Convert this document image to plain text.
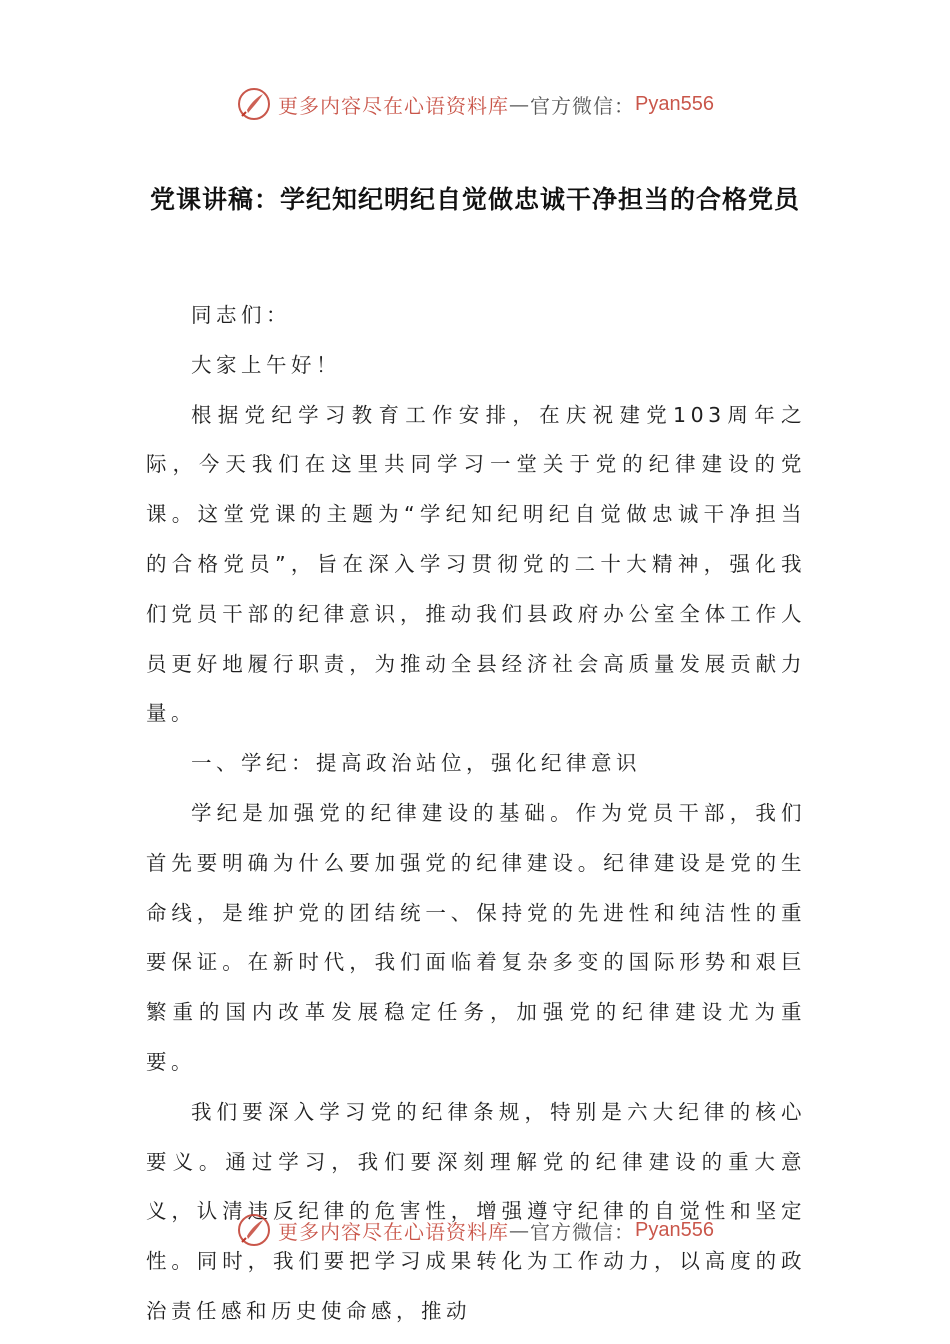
更多内容尽在心语资料库 — 官方微信： Pyan556
党课讲稿：学纪知纪明纪自觉做忠诚干净担当的合格党员

同志们：

大家上午好！

根据党纪学习教育工作安排，在庆祝建党103周年之际，今天我们在这里共同学习一堂关于党的纪律建设的党课。这堂党课的主题为“学纪知纪明纪自觉做忠诚干净担当的合格党员”，旨在深入学习贯彻党的二十大精神，强化我们党员干部的纪律意识，推动我们县政府办公室全体工作人员更好地履行职责，为推动全县经济社会高质量发展贡献力量。

一、学纪：提高政治站位，强化纪律意识

学纪是加强党的纪律建设的基础。作为党员干部，我们首先要明确为什么要加强党的纪律建设。纪律建设是党的生命线，是维护党的团结统一、保持党的先进性和纯洁性的重要保证。在新时代，我们面临着复杂多变的国际形势和艰巨繁重的国内改革发展稳定任务，加强党的纪律建设尤为重要。

我们要深入学习党的纪律条规，特别是六大纪律的核心要义。通过学习，我们要深刻理解党的纪律建设的重大意义，认清违反纪律的危害性，增强遵守纪律的自觉性和坚定性。同时，我们要把学习成果转化为工作动力，以高度的政治责任感和历史使命感，推动

更多内容尽在心语资料库 — 官方微信： Pyan556
